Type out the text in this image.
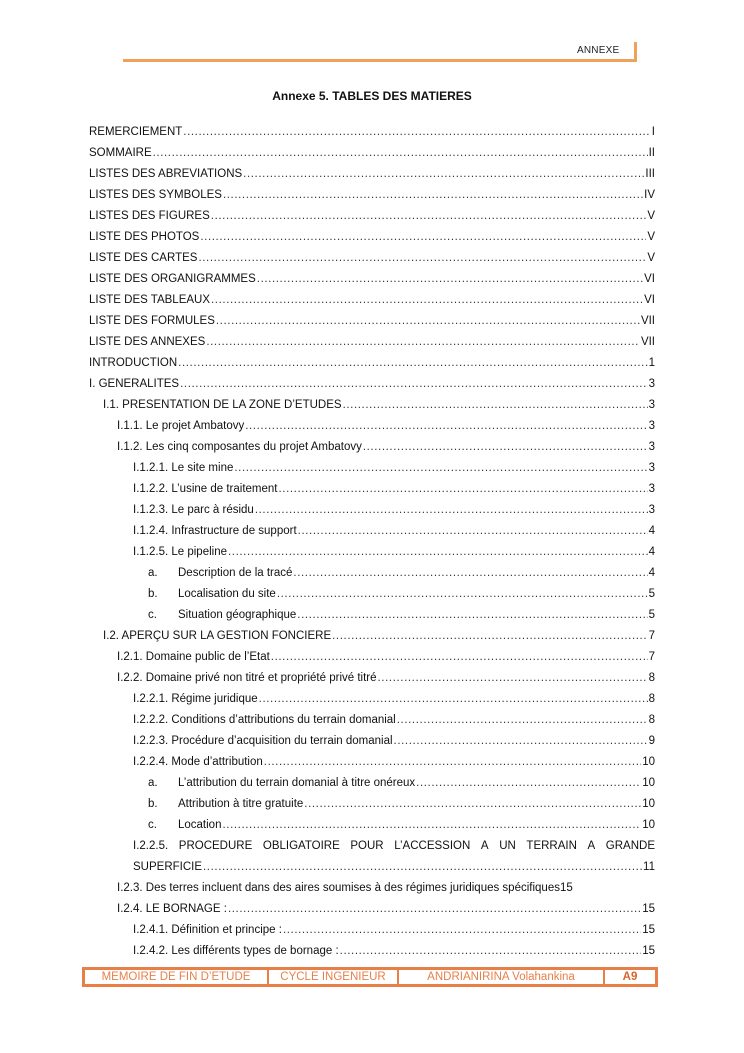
ANNEXE
Annexe 5. TABLES DES MATIERES
REMERCIEMENT .....	I
SOMMAIRE .....	II
LISTES DES ABREVIATIONS .....	III
LISTES DES SYMBOLES .....	IV
LISTES DES FIGURES .....	V
LISTE DES PHOTOS .....	V
LISTE DES CARTES .....	V
LISTE DES ORGANIGRAMMES .....	VI
LISTE DES TABLEAUX .....	VI
LISTE DES FORMULES .....	VII
LISTE DES ANNEXES .....	VII
INTRODUCTION .....	1
I. GENERALITES .....	3
I.1. PRESENTATION DE LA ZONE D’ETUDES .....	3
I.1.1. Le projet Ambatovy .....	3
I.1.2. Les cinq composantes du projet Ambatovy .....	3
I.1.2.1. Le site mine .....	3
I.1.2.2. L’usine de traitement .....	3
I.1.2.3. Le parc à résidu .....	3
I.1.2.4. Infrastructure de support .....	4
I.1.2.5. Le pipeline .....	4
a.	Description de la tracé .....	4
b.	Localisation du site .....	5
c.	Situation géographique .....	5
I.2. APERÇU SUR LA GESTION FONCIERE .....	7
I.2.1. Domaine public de l’Etat .....	7
I.2.2. Domaine privé non titré et propriété privé titré .....	8
I.2.2.1. Régime juridique .....	8
I.2.2.2. Conditions d’attributions du terrain domanial .....	8
I.2.2.3. Procédure d’acquisition du terrain domanial .....	9
I.2.2.4. Mode d’attribution .....	10
a.	L’attribution du terrain domanial à titre onéreux .....	10
b.	Attribution à titre gratuite .....	10
c.	Location .....	10
I.2.2.5. PROCEDURE OBLIGATOIRE POUR L’ACCESSION A UN TERRAIN A GRANDE
SUPERFICIE .....	11
I.2.3. Des terres incluent dans des aires soumises à des régimes juridiques spécifiques 15
I.2.4. LE BORNAGE : .....	15
I.2.4.1. Définition et principe : .....	15
I.2.4.2. Les différents types de bornage : .....	15
MEMOIRE DE FIN D’ETUDE	CYCLE INGENIEUR	ANDRIANIRINA Volahankina	A9
